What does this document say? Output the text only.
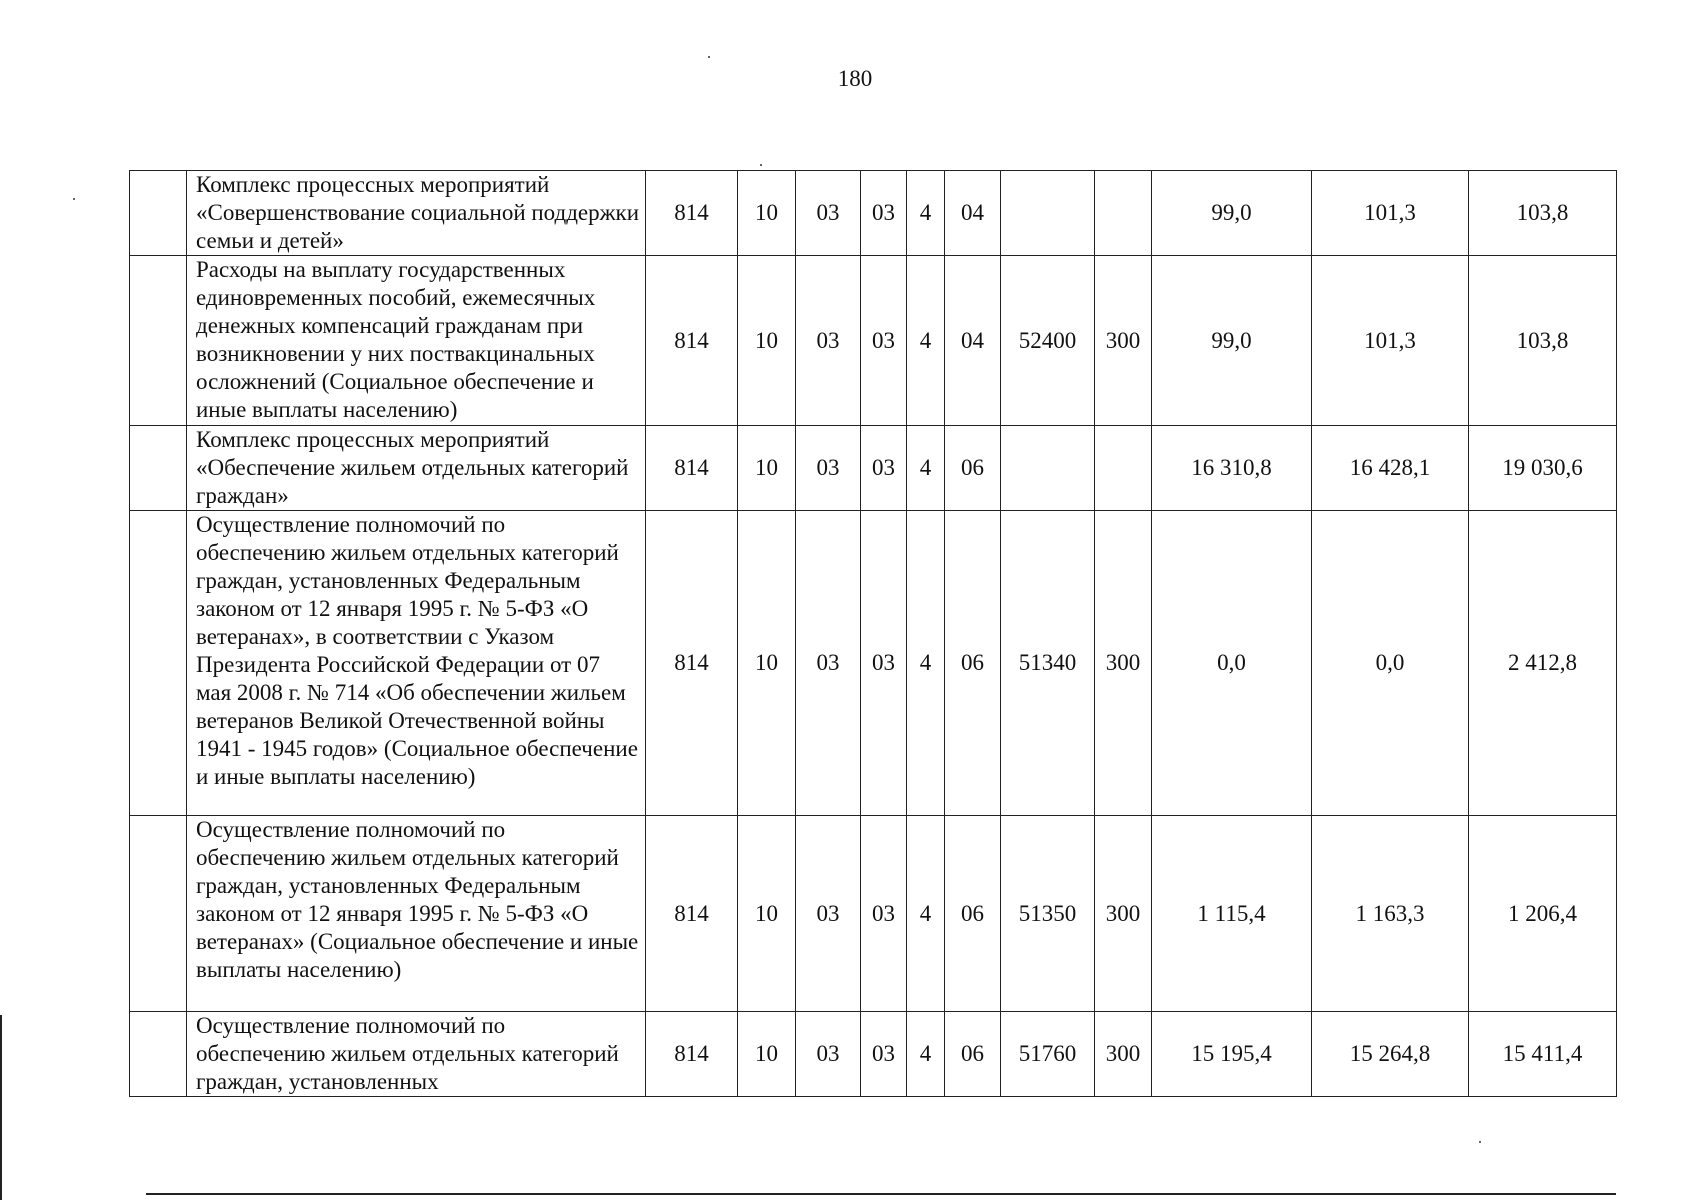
180
	Комплекс процессных мероприятий «Совершенствование социальной поддержки семьи и детей»	814	10	03	03	4	04			99,0	101,3	103,8
	Расходы на выплату государственных единовременных пособий, ежемесячных денежных компенсаций гражданам при возникновении у них поствакцинальных осложнений (Социальное обеспечение и иные выплаты населению)	814	10	03	03	4	04	52400	300	99,0	101,3	103,8
	Комплекс процессных мероприятий «Обеспечение жильем отдельных категорий граждан»	814	10	03	03	4	06			16 310,8	16 428,1	19 030,6
	Осуществление полномочий по обеспечению жильем отдельных категорий граждан, установленных Федеральным законом от 12 января 1995 г. № 5-ФЗ «О ветеранах», в соответствии с Указом Президента Российской Федерации от 07 мая 2008 г. № 714 «Об обеспечении жильем ветеранов Великой Отечественной войны 1941 - 1945 годов» (Социальное обеспечение и иные выплаты населению)	814	10	03	03	4	06	51340	300	0,0	0,0	2 412,8
	Осуществление полномочий по обеспечению жильем отдельных категорий граждан, установленных Федеральным законом от 12 января 1995 г. № 5-ФЗ «О ветеранах» (Социальное обеспечение и иные выплаты населению)	814	10	03	03	4	06	51350	300	1 115,4	1 163,3	1 206,4
	Осуществление полномочий по обеспечению жильем отдельных категорий граждан, установленных	814	10	03	03	4	06	51760	300	15 195,4	15 264,8	15 411,4
